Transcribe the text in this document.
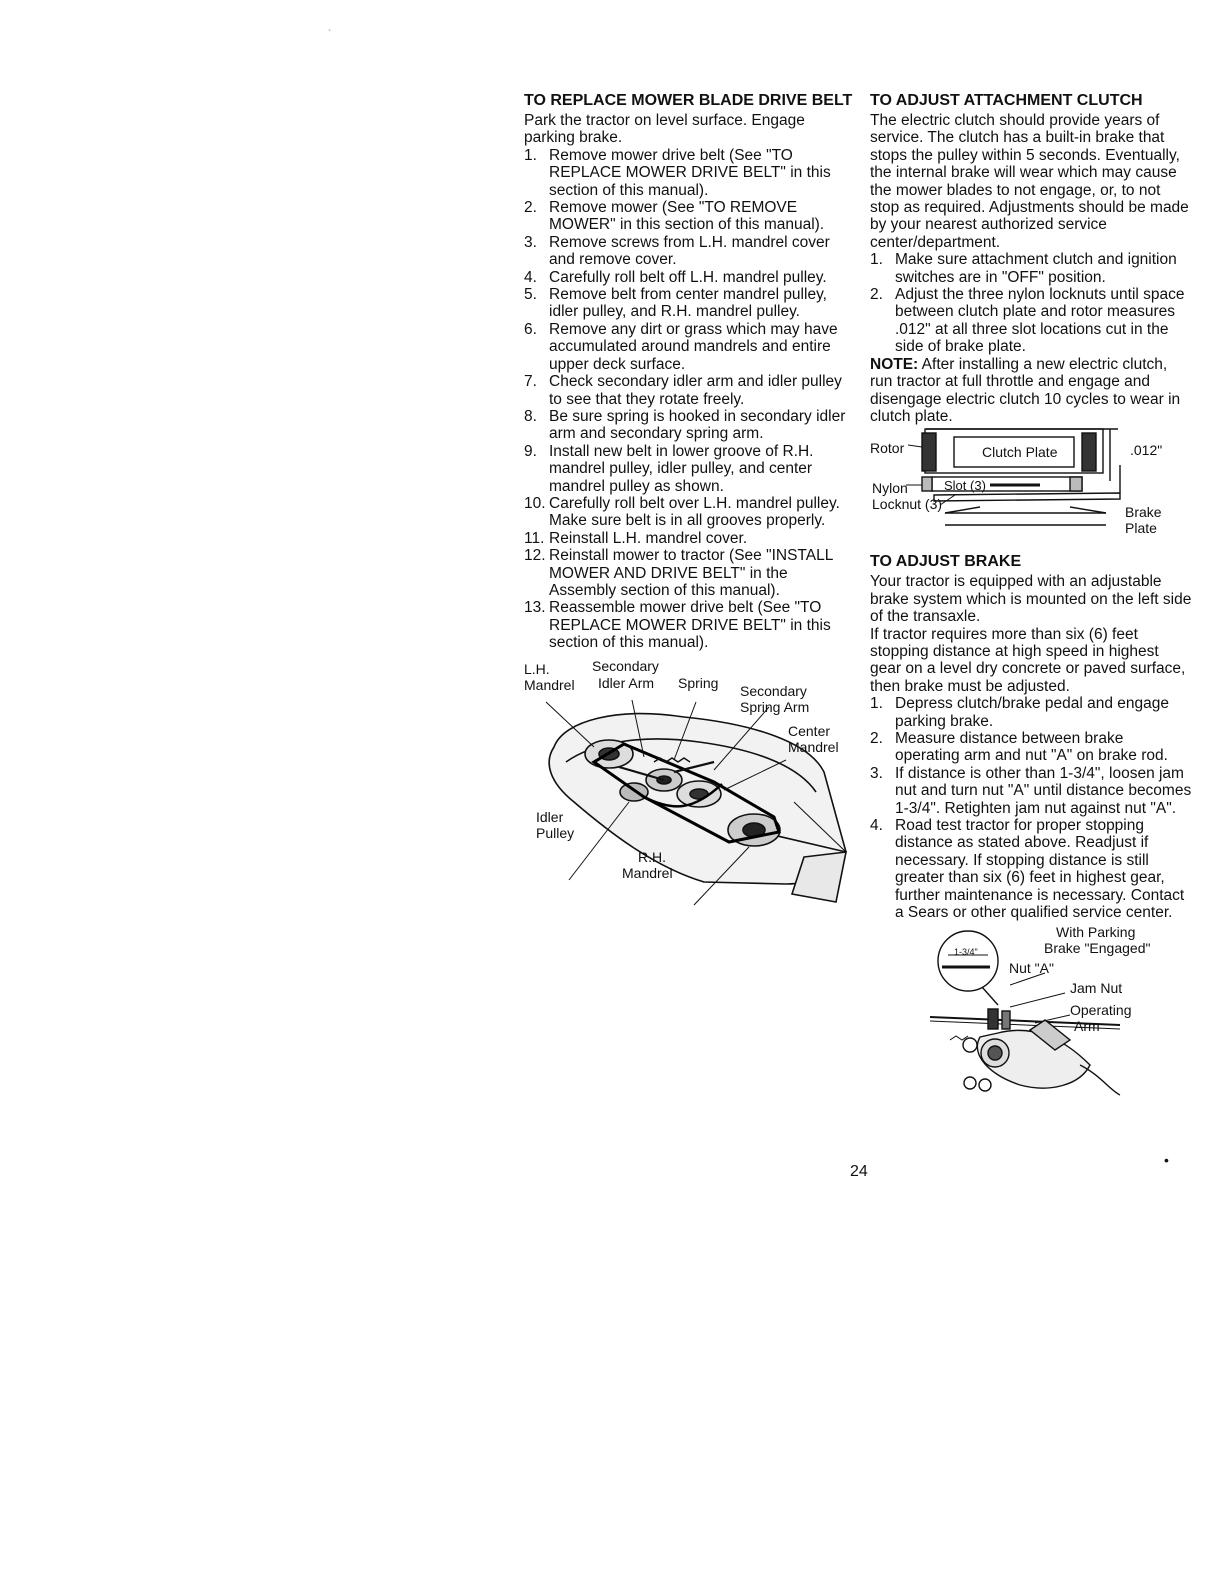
`
TO REPLACE MOWER BLADE DRIVE BELT

Park the tractor on level surface. Engage parking brake.

1. Remove mower drive belt (See "TO REPLACE MOWER DRIVE BELT" in this section of this manual).
2. Remove mower (See "TO REMOVE MOWER" in this section of this manual).
3. Remove screws from L.H. mandrel cover and remove cover.
4. Carefully roll belt off L.H. mandrel pulley.
5. Remove belt from center mandrel pulley, idler pulley, and R.H. mandrel pulley.
6. Remove any dirt or grass which may have accumulated around mandrels and entire upper deck surface.
7. Check secondary idler arm and idler pulley to see that they rotate freely.
8. Be sure spring is hooked in secondary idler arm and secondary spring arm.
9. Install new belt in lower groove of R.H. mandrel pulley, idler pulley, and center mandrel pulley as shown.
10. Carefully roll belt over L.H. mandrel pulley. Make sure belt is in all grooves properly.
11. Reinstall L.H. mandrel cover.
12. Reinstall mower to tractor (See "INSTALL MOWER AND DRIVE BELT" in the Assembly section of this manual).
13. Reassemble mower drive belt (See "TO REPLACE MOWER DRIVE BELT" in this section of this manual).
L.H.
Mandrel
Secondary
Idler Arm Spring Secondary
Spring Arm
Center
Mandrel
Idler
Pulley
R.H.
Mandrel
TO ADJUST ATTACHMENT CLUTCH

The electric clutch should provide years of service. The clutch has a built-in brake that stops the pulley within 5 seconds. Eventually, the internal brake will wear which may cause the mower blades to not engage, or, to not stop as required. Adjustments should be made by your nearest authorized service center/department.

1. Make sure attachment clutch and ignition switches are in "OFF" position.
2. Adjust the three nylon locknuts until space between clutch plate and rotor measures .012" at all three slot locations cut in the side of brake plate.

NOTE: After installing a new electric clutch, run tractor at full throttle and engage and disengage electric clutch 10 cycles to wear in clutch plate.

Rotor	Clutch Plate	.012"
Nylon	Slot (3)
Locknut (3)	Brake
Plate
TO ADJUST BRAKE

Your tractor is equipped with an adjustable brake system which is mounted on the left side of the transaxle.

If tractor requires more than six (6) feet stopping distance at high speed in highest gear on a level dry concrete or paved surface, then brake must be adjusted.

1. Depress clutch/brake pedal and engage parking brake.
2. Measure distance between brake operating arm and nut "A" on brake rod.
3. If distance is other than 1-3/4", loosen jam nut and turn nut "A" until distance becomes 1-3/4". Retighten jam nut against nut "A".
4. Road test tractor for proper stopping distance as stated above. Readjust if necessary. If stopping distance is still greater than six (6) feet in highest gear, further maintenance is necessary. Contact a Sears or other qualified service center.
1-3/4"
With Parking
Brake "Engaged"
Nut "A"
Jam Nut
Operating
Arm
•
24
